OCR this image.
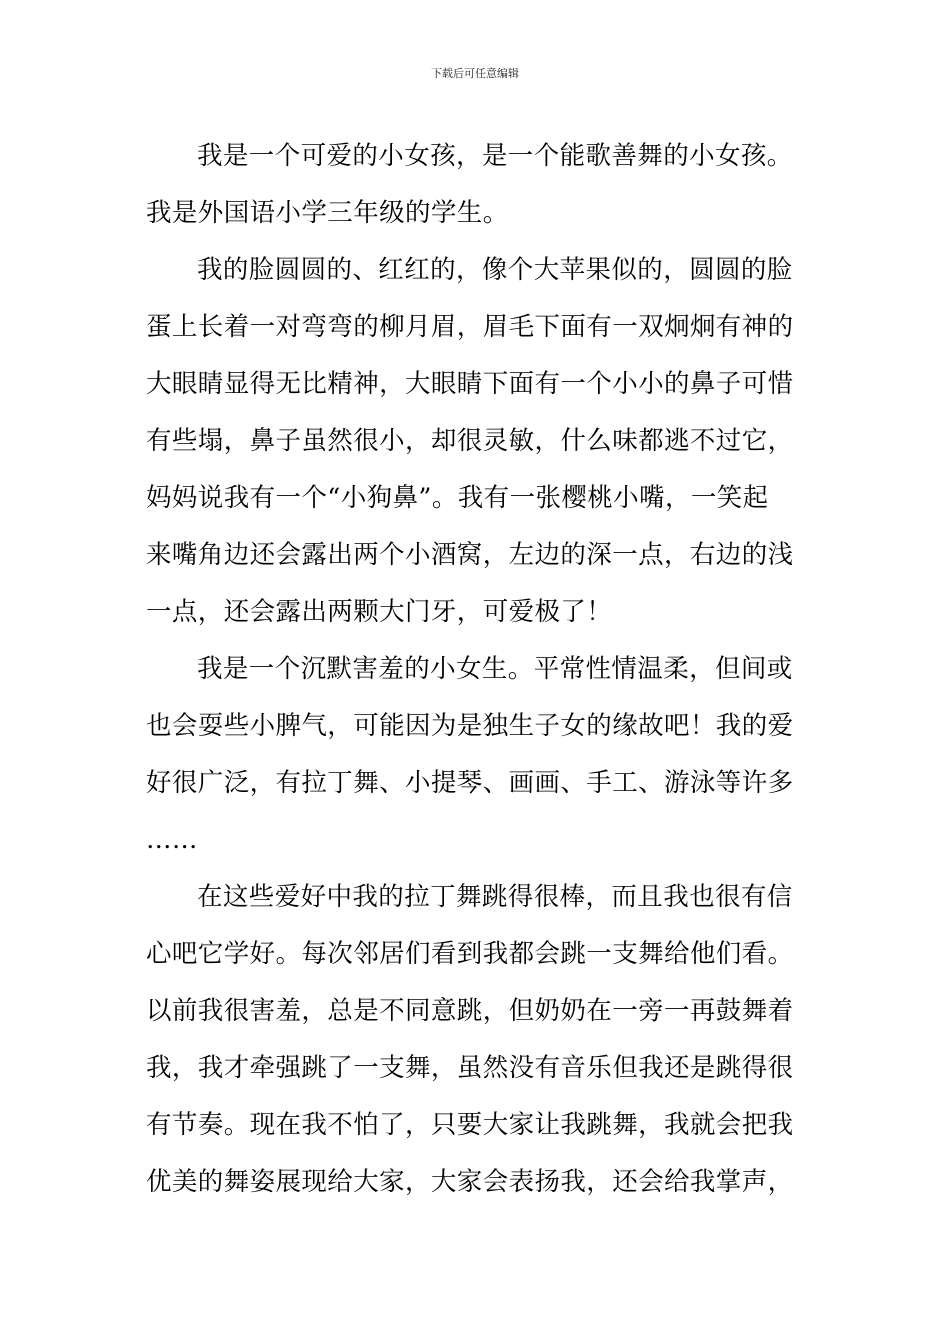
下载后可任意编辑
我是一个可爱的小女孩，是一个能歌善舞的小女孩。
我是外国语小学三年级的学生。
我的脸圆圆的、红红的，像个大苹果似的，圆圆的脸
蛋上长着一对弯弯的柳月眉，眉毛下面有一双炯炯有神的
大眼睛显得无比精神，大眼睛下面有一个小小的鼻子可惜
有些塌，鼻子虽然很小，却很灵敏，什么味都逃不过它，
妈妈说我有一个“小狗鼻”。我有一张樱桃小嘴，一笑起
来嘴角边还会露出两个小酒窝，左边的深一点，右边的浅
一点，还会露出两颗大门牙，可爱极了！
我是一个沉默害羞的小女生。平常性情温柔，但间或
也会耍些小脾气，可能因为是独生子女的缘故吧！我的爱
好很广泛，有拉丁舞、小提琴、画画、手工、游泳等许多
……
在这些爱好中我的拉丁舞跳得很棒，而且我也很有信
心吧它学好。每次邻居们看到我都会跳一支舞给他们看。
以前我很害羞，总是不同意跳，但奶奶在一旁一再鼓舞着
我，我才牵强跳了一支舞，虽然没有音乐但我还是跳得很
有节奏。现在我不怕了，只要大家让我跳舞，我就会把我
优美的舞姿展现给大家，大家会表扬我，还会给我掌声，
